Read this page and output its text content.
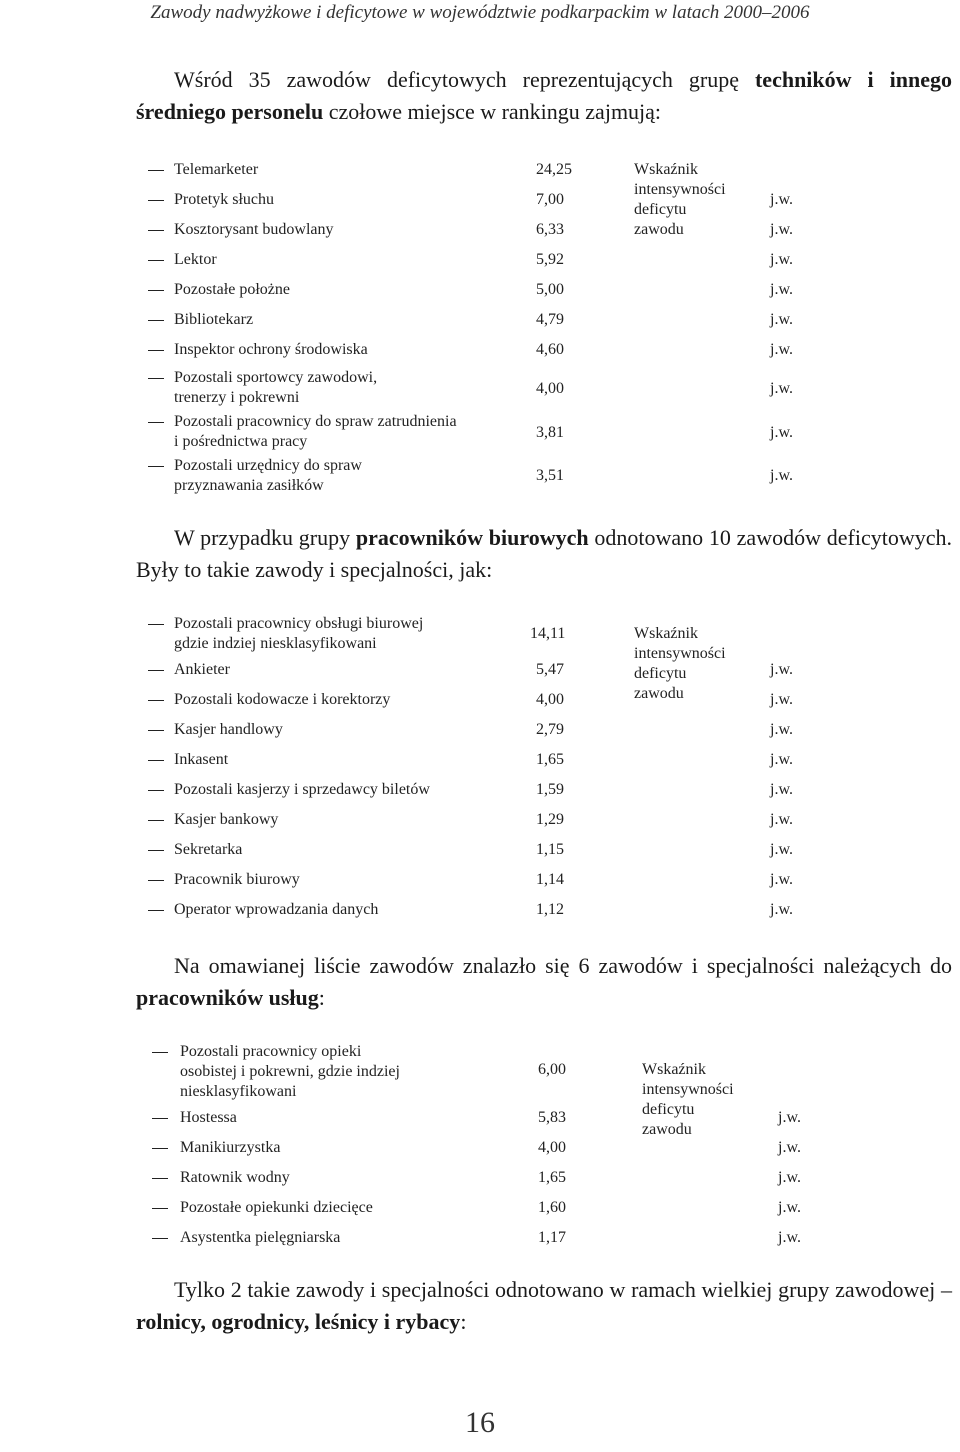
Zawody nadwyżkowe i deficytowe w województwie podkarpackim w latach 2000–2006

Wśród 35 zawodów deficytowych reprezentujących grupę techników i innego średniego personelu czołowe miejsce w rankingu zajmują:

Telemarketer	24,25	Wskaźnik intensywności deficytu zawodu
Protetyk słuchu	7,00	j.w.
Kosztorysant budowlany	6,33	j.w.
Lektor	5,92	j.w.
Pozostałe położne	5,00	j.w.
Bibliotekarz	4,79	j.w.
Inspektor ochrony środowiska	4,60	j.w.
Pozostali sportowcy zawodowi,
trenerzy i pokrewni
4,00	j.w.
Pozostali pracownicy do spraw zatrudnienia
i pośrednictwa pracy
3,81	j.w.
Pozostali urzędnicy do spraw
przyznawania zasiłków
3,51	j.w.

W przypadku grupy pracowników biurowych odnotowano 10 zawodów deficytowych. Były to takie zawody i specjalności, jak:

Pozostali pracownicy obsługi biurowej
gdzie indziej niesklasyfikowani
14,11	Wskaźnik intensywności deficytu zawodu
Ankieter	5,47	j.w.
Pozostali kodowacze i korektorzy	4,00	j.w.
Kasjer handlowy	2,79	j.w.
Inkasent	1,65	j.w.
Pozostali kasjerzy i sprzedawcy biletów	1,59	j.w.
Kasjer bankowy	1,29	j.w.
Sekretarka	1,15	j.w.
Pracownik biurowy	1,14	j.w.
Operator wprowadzania danych	1,12	j.w.

Na omawianej liście zawodów znalazło się 6 zawodów i specjalności należących do pracowników usług:

Pozostali pracownicy opieki
osobistej i pokrewni, gdzie indziej
niesklasyfikowani
6,00	Wskaźnik intensywności deficytu zawodu
Hostessa	5,83	j.w.
Manikiurzystka	4,00	j.w.
Ratownik wodny	1,65	j.w.
Pozostałe opiekunki dziecięce	1,60	j.w.
Asystentka pielęgniarska	1,17	j.w.

Tylko 2 takie zawody i specjalności odnotowano w ramach wielkiej grupy zawodowej – rolnicy, ogrodnicy, leśnicy i rybacy:

16
